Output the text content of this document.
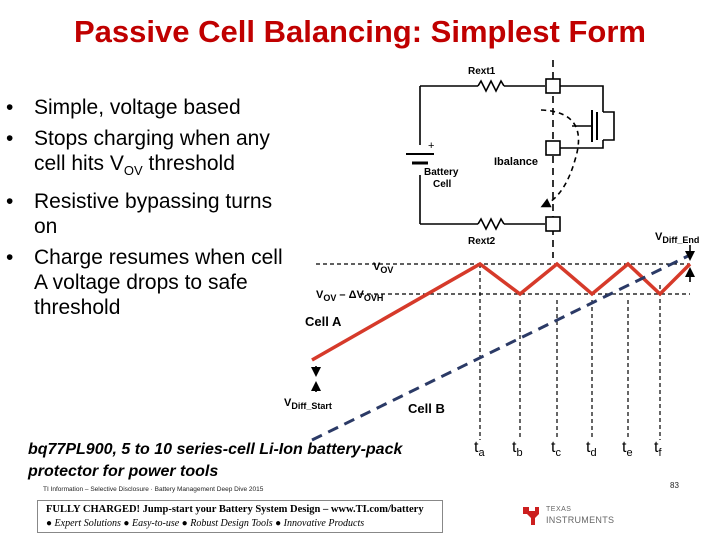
Passive Cell Balancing: Simplest Form
• Simple, voltage based
• Stops charging when any cell hits $V_{OV}$ threshold
• Resistive bypassing turns on
• Charge resumes when cell A voltage drops to safe threshold
Rext1
Rext2
+
Battery
Cell
Ibalance
$V_{Diff\_End}$
$V_{OV}$
$V_{OV} - \Delta V_{OVH}$
Cell A
Cell B
$V_{Diff\_Start}$
$t_a$ $t_b$ $t_c$ $t_d$ $t_e$ $t_f$
bq77PL900, 5 to 10 series-cell Li-Ion battery-pack protector for power tools
TI Information – Selective Disclosure · Battery Management Deep Dive 2015	83
FULLY CHARGED! Jump-start your Battery System Design – www.TI.com/battery
● Expert Solutions ● Easy-to-use ● Robust Design Tools ● Innovative Products
TEXAS
INSTRUMENTS
